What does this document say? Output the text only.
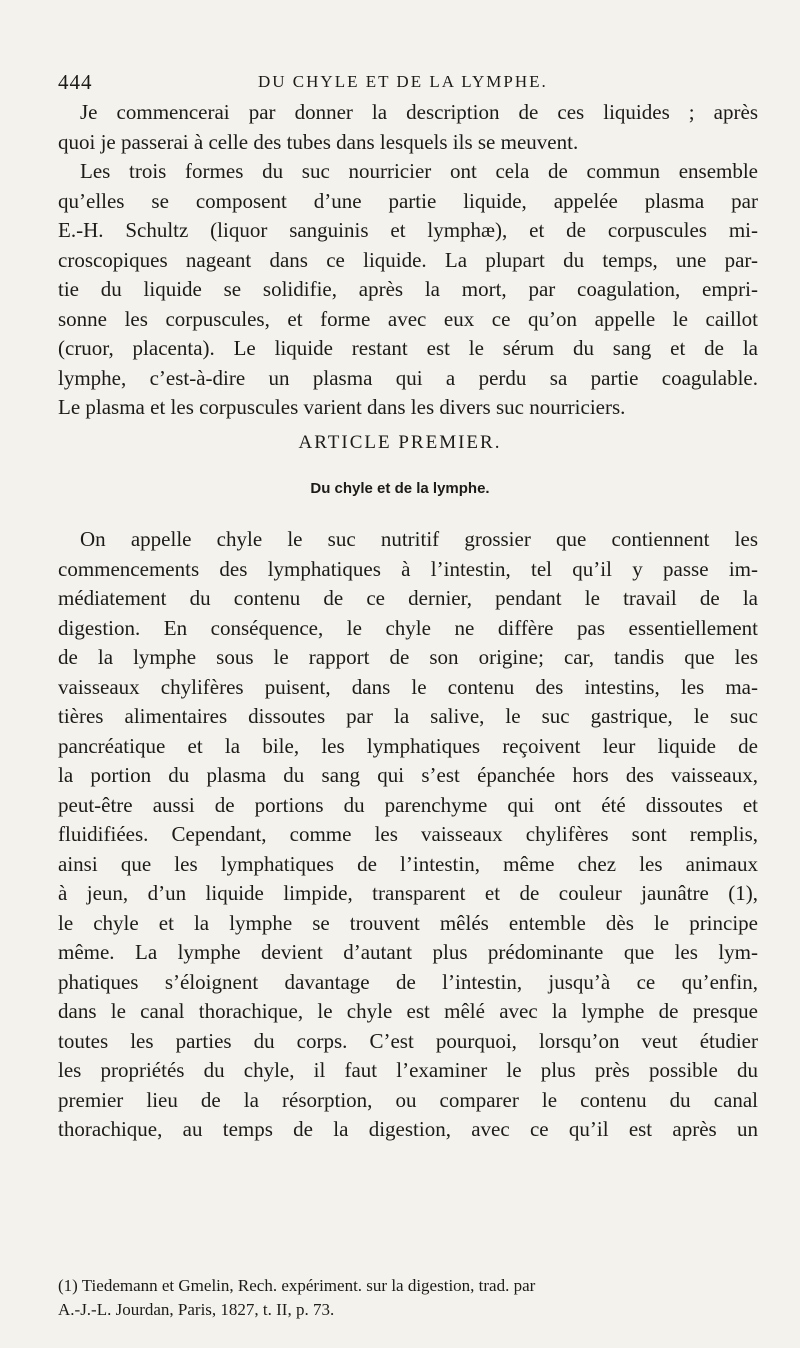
444	DU CHYLE ET DE LA LYMPHE.
Je commencerai par donner la description de ces liquides ; après
quoi je passerai à celle des tubes dans lesquels ils se meuvent.
Les trois formes du suc nourricier ont cela de commun ensemble
qu’elles se composent d’une partie liquide, appelée plasma par
E.-H. Schultz (liquor sanguinis et lymphæ), et de corpuscules mi-
croscopiques nageant dans ce liquide. La plupart du temps, une par-
tie du liquide se solidifie, après la mort, par coagulation, empri-
sonne les corpuscules, et forme avec eux ce qu’on appelle le caillot
(cruor, placenta). Le liquide restant est le sérum du sang et de la
lymphe, c’est-à-dire un plasma qui a perdu sa partie coagulable.
Le plasma et les corpuscules varient dans les divers suc nourriciers.
ARTICLE PREMIER.
Du chyle et de la lymphe.
On appelle chyle le suc nutritif grossier que contiennent les
commencements des lymphatiques à l’intestin, tel qu’il y passe im-
médiatement du contenu de ce dernier, pendant le travail de la
digestion. En conséquence, le chyle ne diffère pas essentiellement
de la lymphe sous le rapport de son origine; car, tandis que les
vaisseaux chylifères puisent, dans le contenu des intestins, les ma-
tières alimentaires dissoutes par la salive, le suc gastrique, le suc
pancréatique et la bile, les lymphatiques reçoivent leur liquide de
la portion du plasma du sang qui s’est épanchée hors des vaisseaux,
peut-être aussi de portions du parenchyme qui ont été dissoutes et
fluidifiées. Cependant, comme les vaisseaux chylifères sont remplis,
ainsi que les lymphatiques de l’intestin, même chez les animaux
à jeun, d’un liquide limpide, transparent et de couleur jaunâtre (1),
le chyle et la lymphe se trouvent mêlés entemble dès le principe
même. La lymphe devient d’autant plus prédominante que les lym-
phatiques s’éloignent davantage de l’intestin, jusqu’à ce qu’enfin,
dans le canal thorachique, le chyle est mêlé avec la lymphe de presque
toutes les parties du corps. C’est pourquoi, lorsqu’on veut étudier
les propriétés du chyle, il faut l’examiner le plus près possible du
premier lieu de la résorption, ou comparer le contenu du canal
thorachique, au temps de la digestion, avec ce qu’il est après un
(1) Tiedemann et Gmelin, Rech. expériment. sur la digestion, trad. par
A.-J.-L. Jourdan, Paris, 1827, t. II, p. 73.
